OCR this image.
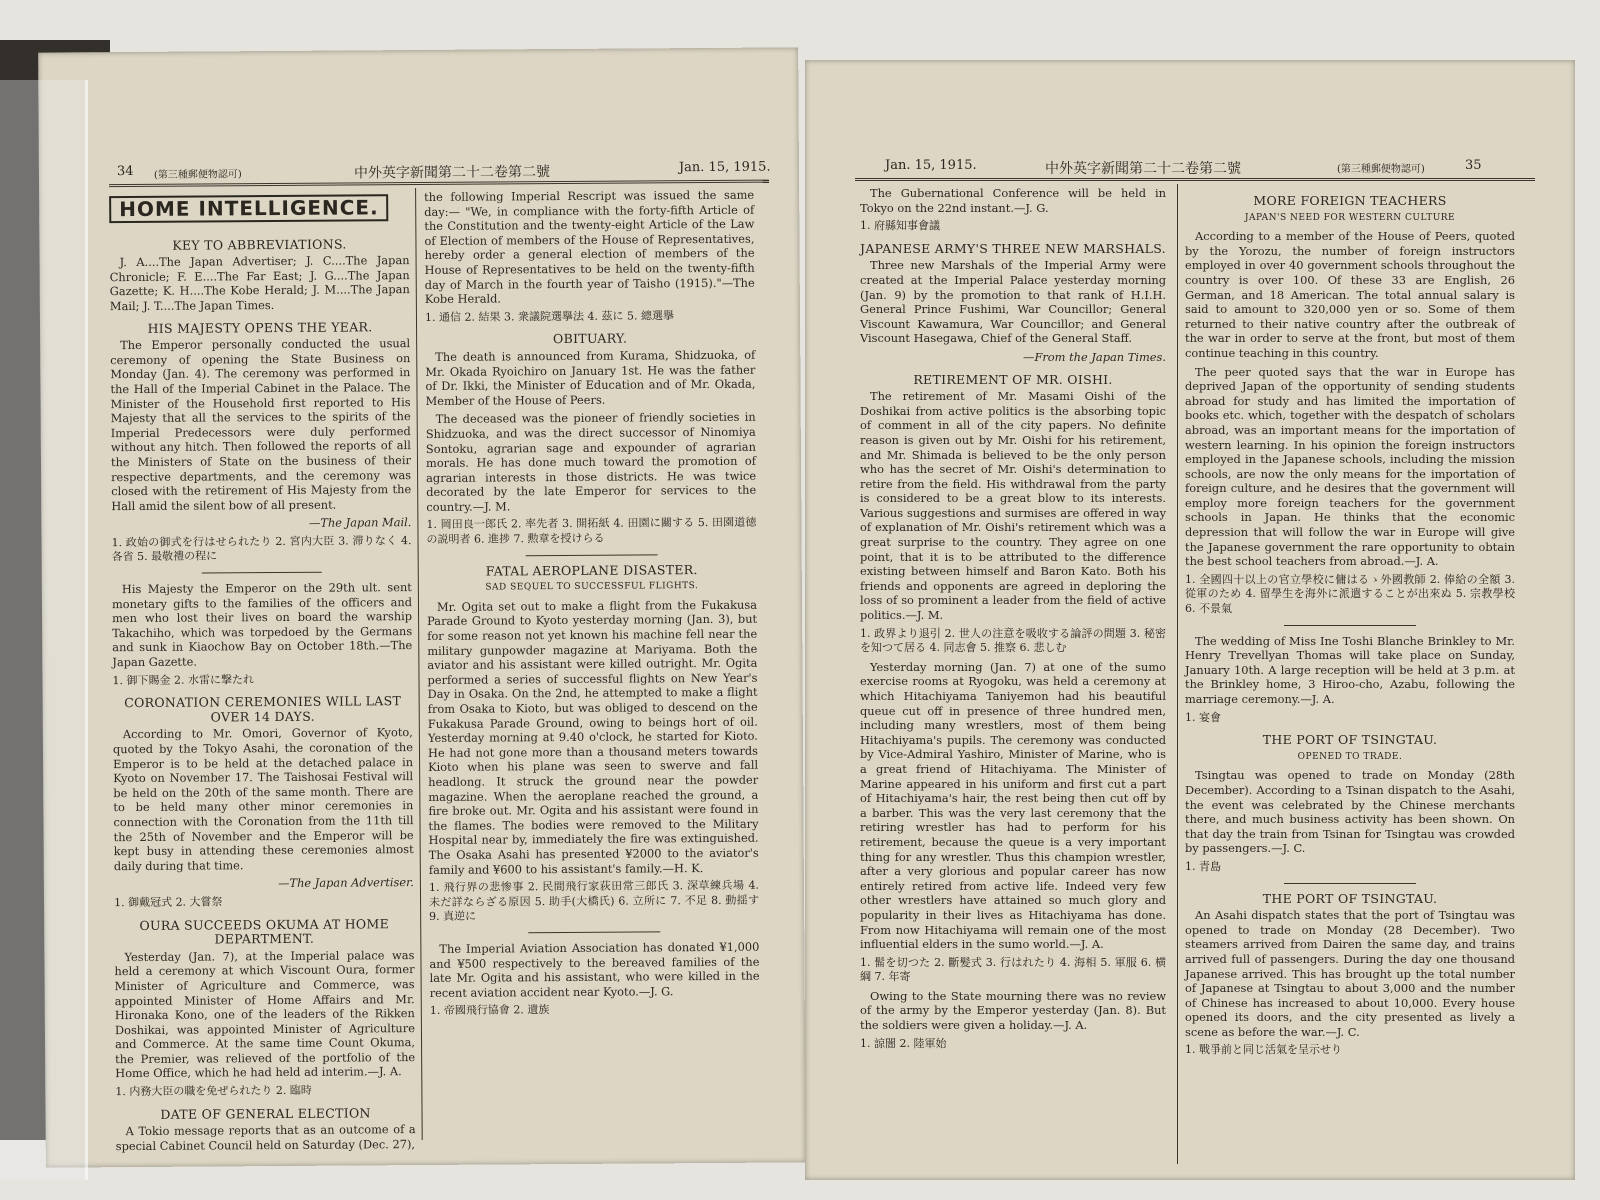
34 (第三種郵便物認可)	中外英字新聞第二十二卷第二號	Jan. 15, 1915.
HOME INTELLIGENCE.
KEY TO ABBREVIATIONS.

J. A....The Japan Advertiser; J. C....The Japan Chronicle; F. E....The Far East; J. G....The Japan Gazette; K. H....The Kobe Herald; J. M....The Japan Mail; J. T....The Japan Times.

HIS MAJESTY OPENS THE YEAR.

The Emperor personally conducted the usual ceremony of opening the State Business on Monday (Jan. 4). The ceremony was performed in the Hall of the Imperial Cabinet in the Palace. The Minister of the Household first reported to His Majesty that all the services to the spirits of the Imperial Predecessors were duly performed without any hitch. Then followed the reports of all the Ministers of State on the business of their respective departments, and the ceremony was closed with the retirement of His Majesty from the Hall amid the silent bow of all present.

—The Japan Mail.

1. 政始の御式を行はせられたり 2. 宮内大臣 3. 滞りなく 4. 各省 5. 最敬禮の程に

His Majesty the Emperor on the 29th ult. sent monetary gifts to the families of the officers and men who lost their lives on board the warship Takachiho, which was torpedoed by the Germans and sunk in Kiaochow Bay on October 18th.—The Japan Gazette.

1. 御下賜金 2. 水雷に撃たれ

CORONATION CEREMONIES WILL LAST OVER 14 DAYS.

According to Mr. Omori, Governor of Kyoto, quoted by the Tokyo Asahi, the coronation of the Emperor is to be held at the detached palace in Kyoto on November 17. The Taishosai Festival will be held on the 20th of the same month. There are to be held many other minor ceremonies in connection with the Coronation from the 11th till the 25th of November and the Emperor will be kept busy in attending these ceremonies almost daily during that time.

—The Japan Advertiser.

1. 御戴冠式 2. 大嘗祭

OURA SUCCEEDS OKUMA AT HOME DEPARTMENT.

Yesterday (Jan. 7), at the Imperial palace was held a ceremony at which Viscount Oura, former Minister of Agriculture and Commerce, was appointed Minister of Home Affairs and Mr. Hironaka Kono, one of the leaders of the Rikken Doshikai, was appointed Minister of Agriculture and Commerce. At the same time Count Okuma, the Premier, was relieved of the portfolio of the Home Office, which he had held ad interim.—J. A.

1. 内務大臣の職を免ぜられたり 2. 臨時

DATE OF GENERAL ELECTION

A Tokio message reports that as an outcome of a special Cabinet Council held on Saturday (Dec. 27),

the following Imperial Rescript was issued the same day:— "We, in compliance with the forty-fifth Article of the Constitution and the twenty-eight Article of the Law of Election of members of the House of Representatives, hereby order a general election of members of the House of Representatives to be held on the twenty-fifth day of March in the fourth year of Taisho (1915)."—The Kobe Herald.

1. 通信 2. 結果 3. 衆議院選擧法 4. 茲に 5. 總選擧

OBITUARY.

The death is announced from Kurama, Shidzuoka, of Mr. Okada Ryoichiro on January 1st. He was the father of Dr. Ikki, the Minister of Education and of Mr. Okada, Member of the House of Peers.

The deceased was the pioneer of friendly societies in Shidzuoka, and was the direct successor of Ninomiya Sontoku, agrarian sage and expounder of agrarian morals. He has done much toward the promotion of agrarian interests in those districts. He was twice decorated by the late Emperor for services to the country.—J. M.

1. 岡田良一郎氏 2. 率先者 3. 開拓紙 4. 田園に關する 5. 田園道徳の説明者 6. 進捗 7. 勲章を授けらる

FATAL AEROPLANE DISASTER.
SAD SEQUEL TO SUCCESSFUL FLIGHTS.

Mr. Ogita set out to make a flight from the Fukakusa Parade Ground to Kyoto yesterday morning (Jan. 3), but for some reason not yet known his machine fell near the military gunpowder magazine at Mariyama. Both the aviator and his assistant were killed outright. Mr. Ogita performed a series of successful flights on New Year's Day in Osaka. On the 2nd, he attempted to make a flight from Osaka to Kioto, but was obliged to descend on the Fukakusa Parade Ground, owing to beings hort of oil. Yesterday morning at 9.40 o'clock, he started for Kioto. He had not gone more than a thousand meters towards Kioto when his plane was seen to swerve and fall headlong. It struck the ground near the powder magazine. When the aeroplane reached the ground, a fire broke out. Mr. Ogita and his assistant were found in the flames. The bodies were removed to the Military Hospital near by, immediately the fire was extinguished. The Osaka Asahi has presented ¥2000 to the aviator's family and ¥600 to his assistant's family.—H. K.

1. 飛行界の悲惨事 2. 民間飛行家荻田常三郎氏 3. 深草練兵場 4. 未だ詳ならざる原因 5. 助手(大橋氏) 6. 立所に 7. 不足 8. 動揺す 9. 真逆に

The Imperial Aviation Association has donated ¥1,000 and ¥500 respectively to the bereaved families of the late Mr. Ogita and his assistant, who were killed in the recent aviation accident near Kyoto.—J. G.

1. 帝國飛行協會 2. 遺族

Jan. 15, 1915.	中外英字新聞第二十二卷第二號	(第三種郵便物認可)	35

The Gubernational Conference will be held in Tokyo on the 22nd instant.—J. G.

1. 府縣知事會議

JAPANESE ARMY'S THREE NEW MARSHALS.

Three new Marshals of the Imperial Army were created at the Imperial Palace yesterday morning (Jan. 9) by the promotion to that rank of H.I.H. General Prince Fushimi, War Councillor; General Viscount Kawamura, War Councillor; and General Viscount Hasegawa, Chief of the General Staff.

—From the Japan Times.

RETIREMENT OF MR. OISHI.

The retirement of Mr. Masami Oishi of the Doshikai from active politics is the absorbing topic of comment in all of the city papers. No definite reason is given out by Mr. Oishi for his retirement, and Mr. Shimada is believed to be the only person who has the secret of Mr. Oishi's determination to retire from the field. His withdrawal from the party is considered to be a great blow to its interests. Various suggestions and surmises are offered in way of explanation of Mr. Oishi's retirement which was a great surprise to the country. They agree on one point, that it is to be attributed to the difference existing between himself and Baron Kato. Both his friends and opponents are agreed in deploring the loss of so prominent a leader from the field of active politics.—J. M.

1. 政界より退引 2. 世人の注意を吸收する論評の問題 3. 秘密を知つて居る 4. 同志會 5. 推察 6. 悲しむ

Yesterday morning (Jan. 7) at one of the sumo exercise rooms at Ryogoku, was held a ceremony at which Hitachiyama Taniyemon had his beautiful queue cut off in presence of three hundred men, including many wrestlers, most of them being Hitachiyama's pupils. The ceremony was conducted by Vice-Admiral Yashiro, Minister of Marine, who is a great friend of Hitachiyama. The Minister of Marine appeared in his uniform and first cut a part of Hitachiyama's hair, the rest being then cut off by a barber. This was the very last ceremony that the retiring wrestler has had to perform for his retirement, because the queue is a very important thing for any wrestler. Thus this champion wrestler, after a very glorious and popular career has now entirely retired from active life. Indeed very few other wrestlers have attained so much glory and popularity in their lives as Hitachiyama has done. From now Hitachiyama will remain one of the most influential elders in the sumo world.—J. A.

1. 髷を切つた 2. 斷髪式 3. 行はれたり 4. 海相 5. 軍服 6. 横綱 7. 年寄

Owing to the State mourning there was no review of the army by the Emperor yesterday (Jan. 8). But the soldiers were given a holiday.—J. A.

1. 諒闇 2. 陸軍始

MORE FOREIGN TEACHERS
JAPAN'S NEED FOR WESTERN CULTURE

According to a member of the House of Peers, quoted by the Yorozu, the number of foreign instructors employed in over 40 government schools throughout the country is over 100. Of these 33 are English, 26 German, and 18 American. The total annual salary is said to amount to 320,000 yen or so. Some of them returned to their native country after the outbreak of the war in order to serve at the front, but most of them continue teaching in this country.

The peer quoted says that the war in Europe has deprived Japan of the opportunity of sending students abroad for study and has limited the importation of books etc. which, together with the despatch of scholars abroad, was an important means for the importation of western learning. In his opinion the foreign instructors employed in the Japanese schools, including the mission schools, are now the only means for the importation of foreign culture, and he desires that the government will employ more foreign teachers for the government schools in Japan. He thinks that the economic depression that will follow the war in Europe will give the Japanese government the rare opportunity to obtain the best school teachers from abroad.—J. A.

1. 全國四十以上の官立學校に傭はるゝ外國教師 2. 俸給の全額 3. 從軍のため 4. 留學生を海外に派遣することが出來ぬ 5. 宗教學校 6. 不景氣

The wedding of Miss Ine Toshi Blanche Brinkley to Mr. Henry Trevellyan Thomas will take place on Sunday, January 10th. A large reception will be held at 3 p.m. at the Brinkley home, 3 Hiroo-cho, Azabu, following the marriage ceremony.—J. A.

1. 宴會

THE PORT OF TSINGTAU.
OPENED TO TRADE.

Tsingtau was opened to trade on Monday (28th December). According to a Tsinan dispatch to the Asahi, the event was celebrated by the Chinese merchants there, and much business activity has been shown. On that day the train from Tsinan for Tsingtau was crowded by passengers.—J. C.

1. 青島

THE PORT OF TSINGTAU.

An Asahi dispatch states that the port of Tsingtau was opened to trade on Monday (28 December). Two steamers arrived from Dairen the same day, and trains arrived full of passengers. During the day one thousand Japanese arrived. This has brought up the total number of Japanese at Tsingtau to about 3,000 and the number of Chinese has increased to about 10,000. Every house opened its doors, and the city presented as lively a scene as before the war.—J. C.

1. 戰爭前と同じ活氣を呈示せり
